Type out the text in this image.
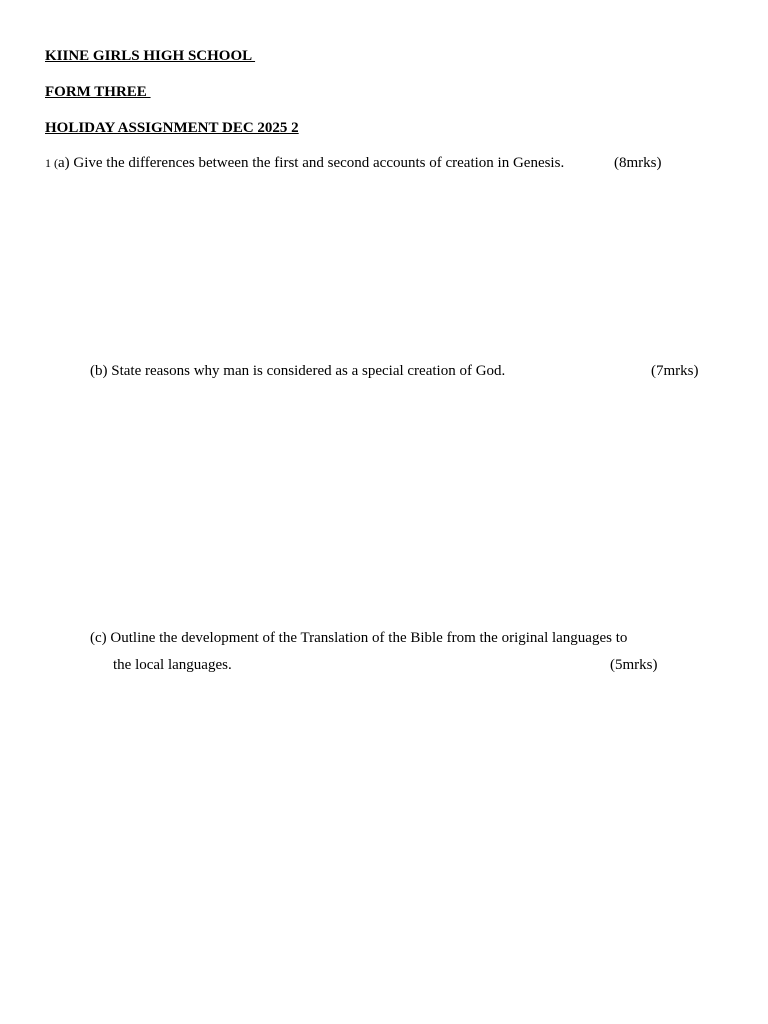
KIINE GIRLS HIGH SCHOOL
FORM THREE
HOLIDAY ASSIGNMENT DEC 2025 2
1 (a) Give the differences between the first and second accounts of creation in Genesis.	(8mrks)
(b) State reasons why man is considered as a special creation of God.	(7mrks)
(c) Outline the development of the Translation of the Bible from the original languages to
the local languages.	(5mrks)
